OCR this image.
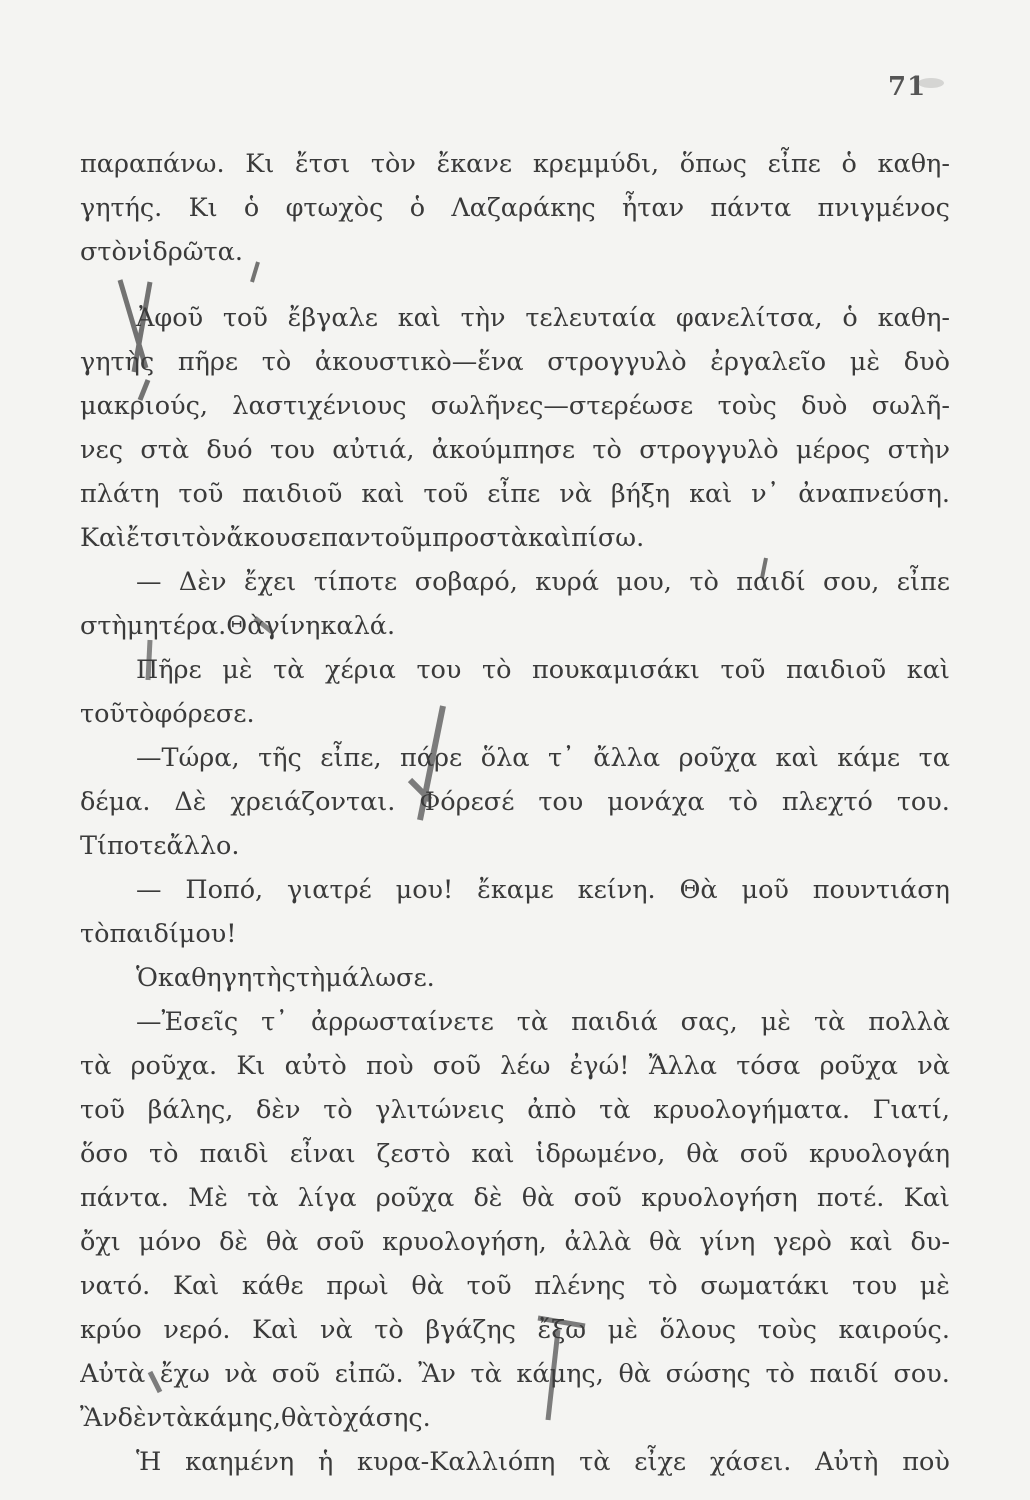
71
παραπάνω. Κι ἔτσι τὸν ἔκανε κρεμμύδι, ὅπως εἶπε ὁ καθη-
γητής. Κι ὁ φτωχὸς ὁ Λαζαράκης ἦταν πάντα πνιγμένος
στὸν ἱδρῶτα.
Ἀφοῦ τοῦ ἔβγαλε καὶ τὴν τελευταία φανελίτσα, ὁ καθη-
γητὴς πῆρε τὸ ἀκουστικὸ—ἕνα στρογγυλὸ ἐργαλεῖο μὲ δυὸ
μακριούς, λαστιχένιους σωλῆνες—στερέωσε τοὺς δυὸ σωλῆ-
νες στὰ δυό του αὐτιά, ἀκούμπησε τὸ στρογγυλὸ μέρος στὴν
πλάτη τοῦ παιδιοῦ καὶ τοῦ εἶπε νὰ βήξη καὶ ν᾿ ἀναπνεύση.
Καὶ ἔτσι τὸν ἄκουσε παντοῦ μπροστὰ καὶ πίσω.
— Δὲν ἔχει τίποτε σοβαρό, κυρά μου, τὸ παιδί σου, εἶπε
στὴ μητέρα. Θὰ γίνη καλά.
Πῆρε μὲ τὰ χέρια του τὸ πουκαμισάκι τοῦ παιδιοῦ καὶ
τοῦ τὸ φόρεσε.
—Τώρα, τῆς εἶπε, πάρε ὅλα τ᾿ ἄλλα ροῦχα καὶ κάμε τα
δέμα. Δὲ χρειάζονται. Φόρεσέ του μονάχα τὸ πλεχτό του.
Τίποτε ἄλλο.
— Ποπό, γιατρέ μου! ἔκαμε κείνη. Θὰ μοῦ πουντιάση
τὸ παιδί μου!
Ὁ καθηγητὴς τὴ μάλωσε.
—Ἐσεῖς τ᾿ ἀρρωσταίνετε τὰ παιδιά σας, μὲ τὰ πολλὰ
τὰ ροῦχα. Κι αὐτὸ ποὺ σοῦ λέω ἐγώ! Ἄλλα τόσα ροῦχα νὰ
τοῦ βάλης, δὲν τὸ γλιτώνεις ἀπὸ τὰ κρυολογήματα. Γιατί,
ὅσο τὸ παιδὶ εἶναι ζεστὸ καὶ ἱδρωμένο, θὰ σοῦ κρυολογάη
πάντα. Μὲ τὰ λίγα ροῦχα δὲ θὰ σοῦ κρυολογήση ποτέ. Καὶ
ὄχι μόνο δὲ θὰ σοῦ κρυολογήση, ἀλλὰ θὰ γίνη γερὸ καὶ δυ-
νατό. Καὶ κάθε πρωὶ θὰ τοῦ πλένης τὸ σωματάκι του μὲ
κρύο νερό. Καὶ νὰ τὸ βγάζης ἔξω μὲ ὅλους τοὺς καιρούς.
Αὐτὰ ἔχω νὰ σοῦ εἰπῶ. Ἂν τὰ κάμης, θὰ σώσης τὸ παιδί σου.
Ἂν δὲν τὰ κάμης, θὰ τὸ χάσης.
Ἡ καημένη ἡ κυρα-Καλλιόπη τὰ εἶχε χάσει. Αὐτὴ ποὺ
